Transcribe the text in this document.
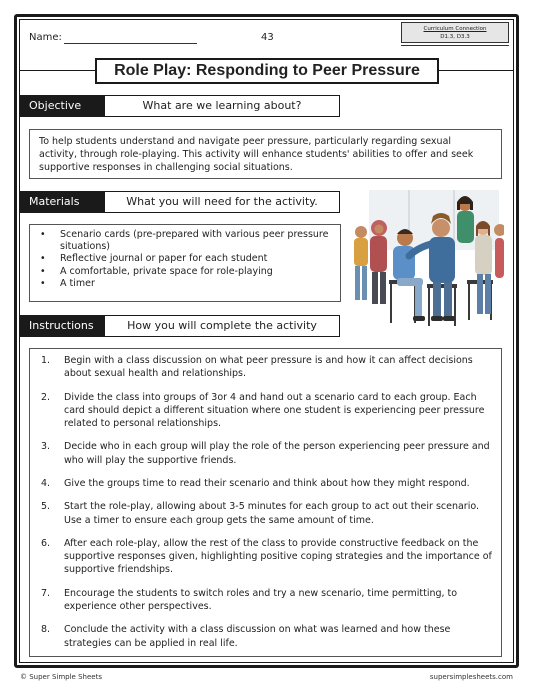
Name:	43
Curriculum Connection
D1.3, D3.3
Role Play: Responding to Peer Pressure
Objective	What are we learning about?
To help students understand and navigate peer pressure, particularly regarding sexual activity, through role-playing. This activity will enhance students' abilities to offer and seek supportive responses in challenging social situations.
Materials	What you will need for the activity.
• Scenario cards (pre-prepared with various peer pressure situations)
• Reflective journal or paper for each student
• A comfortable, private space for role-playing
• A timer
Instructions	How you will complete the activity
1.	Begin with a class discussion on what peer pressure is and how it can affect decisions about sexual health and relationships.
2.	Divide the class into groups of 3or 4 and hand out a scenario card to each group. Each card should depict a different situation where one student is experiencing peer pressure related to personal relationships.
3.	Decide who in each group will play the role of the person experiencing peer pressure and who will play the supportive friends.
4.	Give the groups time to read their scenario and think about how they might respond.
5.	Start the role-play, allowing about 3-5 minutes for each group to act out their scenario. Use a timer to ensure each group gets the same amount of time.
6.	After each role-play, allow the rest of the class to provide constructive feedback on the supportive responses given, highlighting positive coping strategies and the importance of supportive friendships.
7.	Encourage the students to switch roles and try a new scenario, time permitting, to experience other perspectives.
8.	Conclude the activity with a class discussion on what was learned and how these strategies can be applied in real life.
© Super Simple Sheets	supersimplesheets.com
